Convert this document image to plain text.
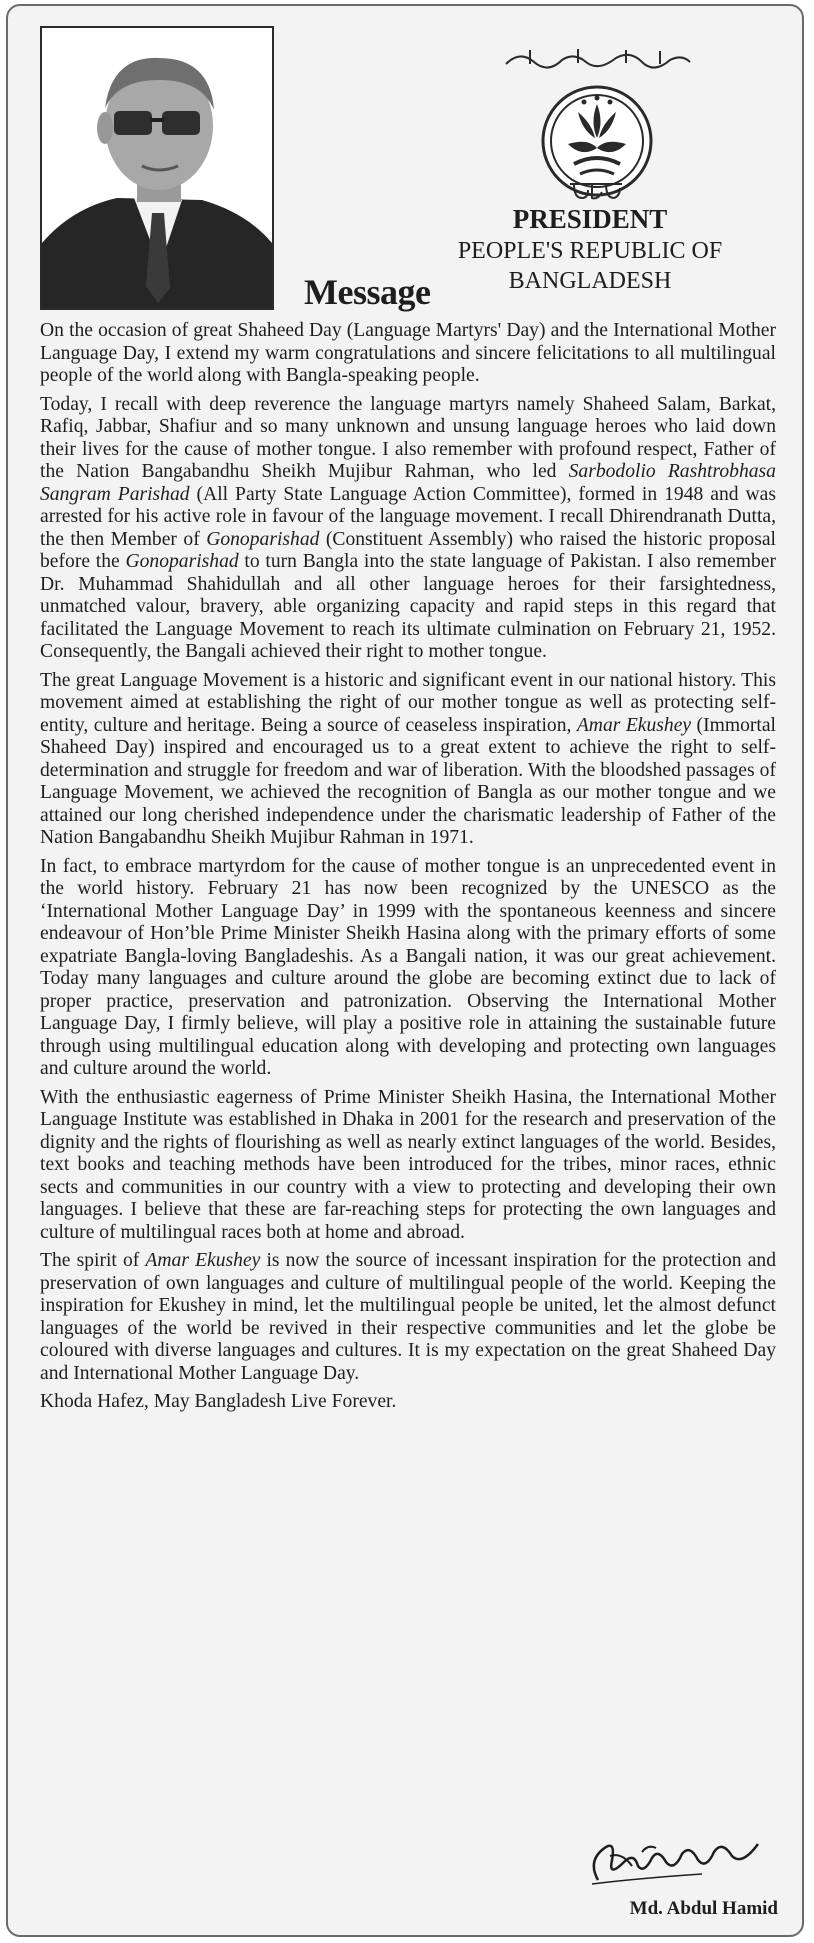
PRESIDENT

PEOPLE'S REPUBLIC OF
BANGLADESH

Message

On the occasion of great Shaheed Day (Language Martyrs' Day) and the International Mother Language Day, I extend my warm congratulations and sincere felicitations to all multilingual people of the world along with Bangla-speaking people.

Today, I recall with deep reverence the language martyrs namely Shaheed Salam, Barkat, Rafiq, Jabbar, Shafiur and so many unknown and unsung language heroes who laid down their lives for the cause of mother tongue. I also remember with profound respect, Father of the Nation Bangabandhu Sheikh Mujibur Rahman, who led Sarbodolio Rashtrobhasa Sangram Parishad (All Party State Language Action Committee), formed in 1948 and was arrested for his active role in favour of the language movement. I recall Dhirendranath Dutta, the then Member of Gonoparishad (Constituent Assembly) who raised the historic proposal before the Gonoparishad to turn Bangla into the state language of Pakistan. I also remember Dr. Muhammad Shahidullah and all other language heroes for their farsightedness, unmatched valour, bravery, able organizing capacity and rapid steps in this regard that facilitated the Language Movement to reach its ultimate culmination on February 21, 1952. Consequently, the Bangali achieved their right to mother tongue.

The great Language Movement is a historic and significant event in our national history. This movement aimed at establishing the right of our mother tongue as well as protecting self-entity, culture and heritage. Being a source of ceaseless inspiration, Amar Ekushey (Immortal Shaheed Day) inspired and encouraged us to a great extent to achieve the right to self-determination and struggle for freedom and war of liberation. With the bloodshed passages of Language Movement, we achieved the recognition of Bangla as our mother tongue and we attained our long cherished independence under the charismatic leadership of Father of the Nation Bangabandhu Sheikh Mujibur Rahman in 1971.

In fact, to embrace martyrdom for the cause of mother tongue is an unprecedented event in the world history. February 21 has now been recognized by the UNESCO as the ‘International Mother Language Day’ in 1999 with the spontaneous keenness and sincere endeavour of Hon’ble Prime Minister Sheikh Hasina along with the primary efforts of some expatriate Bangla-loving Bangladeshis. As a Bangali nation, it was our great achievement. Today many languages and culture around the globe are becoming extinct due to lack of proper practice, preservation and patronization. Observing the International Mother Language Day, I firmly believe, will play a positive role in attaining the sustainable future through using multilingual education along with developing and protecting own languages and culture around the world.

With the enthusiastic eagerness of Prime Minister Sheikh Hasina, the International Mother Language Institute was established in Dhaka in 2001 for the research and preservation of the dignity and the rights of flourishing as well as nearly extinct languages of the world. Besides, text books and teaching methods have been introduced for the tribes, minor races, ethnic sects and communities in our country with a view to protecting and developing their own languages. I believe that these are far-reaching steps for protecting the own languages and culture of multilingual races both at home and abroad.

The spirit of Amar Ekushey is now the source of incessant inspiration for the protection and preservation of own languages and culture of multilingual people of the world. Keeping the inspiration for Ekushey in mind, let the multilingual people be united, let the almost defunct languages of the world be revived in their respective communities and let the globe be coloured with diverse languages and cultures. It is my expectation on the great Shaheed Day and International Mother Language Day.

Khoda Hafez, May Bangladesh Live Forever.

Md. Abdul Hamid
